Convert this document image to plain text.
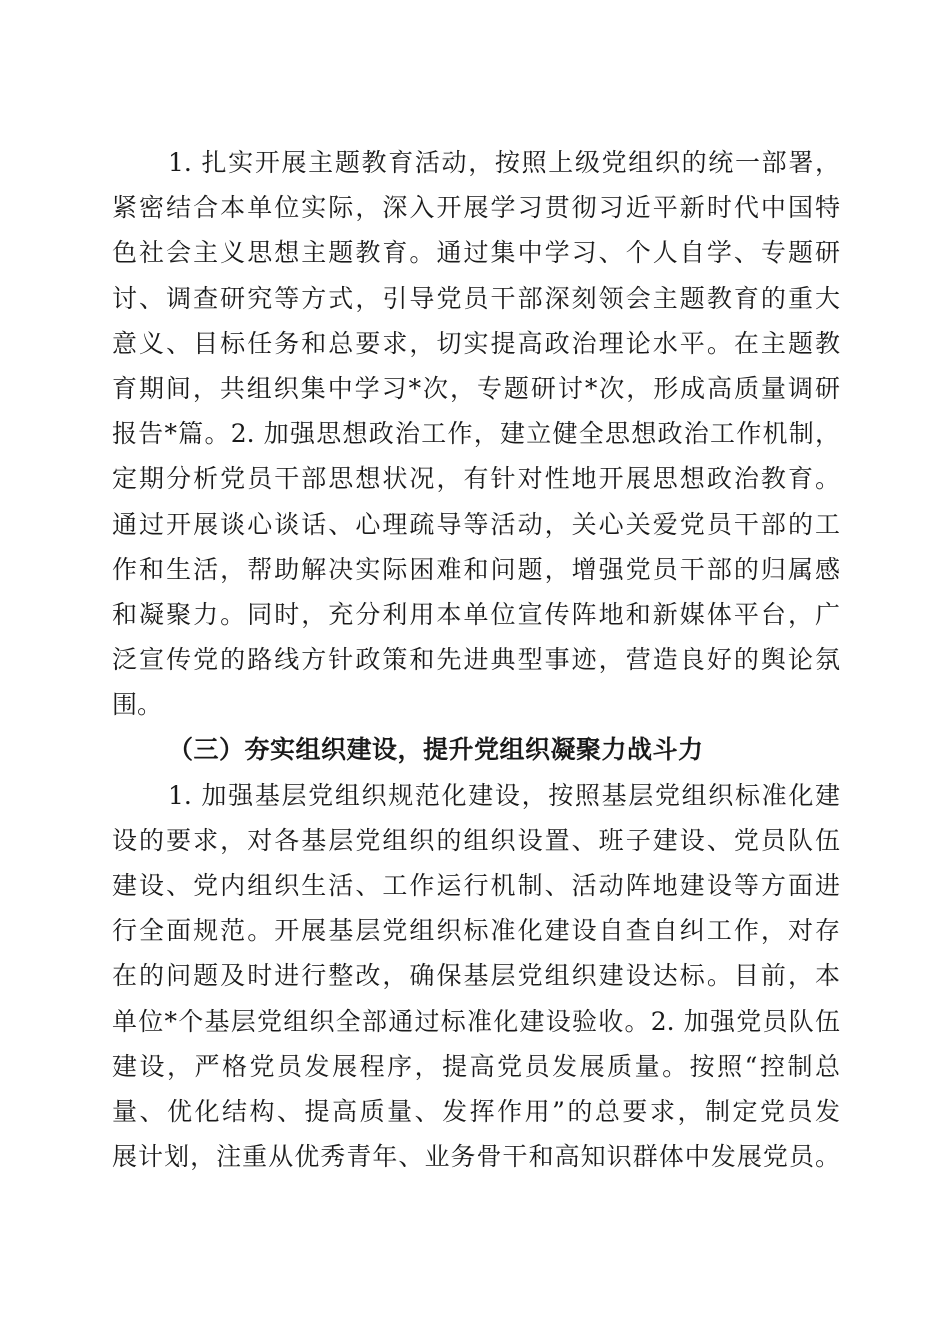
1. 扎实开展主题教育活动，按照上级党组织的统一部署，
紧密结合本单位实际，深入开展学习贯彻习近平新时代中国特
色社会主义思想主题教育。通过集中学习、个人自学、专题研
讨、调查研究等方式，引导党员干部深刻领会主题教育的重大
意义、目标任务和总要求，切实提高政治理论水平。在主题教
育期间，共组织集中学习*次，专题研讨*次，形成高质量调研
报告*篇。2. 加强思想政治工作，建立健全思想政治工作机制，
定期分析党员干部思想状况，有针对性地开展思想政治教育。
通过开展谈心谈话、心理疏导等活动，关心关爱党员干部的工
作和生活，帮助解决实际困难和问题，增强党员干部的归属感
和凝聚力。同时，充分利用本单位宣传阵地和新媒体平台，广
泛宣传党的路线方针政策和先进典型事迹，营造良好的舆论氛
围。
（三）夯实组织建设，提升党组织凝聚力战斗力
1. 加强基层党组织规范化建设，按照基层党组织标准化建
设的要求，对各基层党组织的组织设置、班子建设、党员队伍
建设、党内组织生活、工作运行机制、活动阵地建设等方面进
行全面规范。开展基层党组织标准化建设自查自纠工作，对存
在的问题及时进行整改，确保基层党组织建设达标。目前，本
单位*个基层党组织全部通过标准化建设验收。2. 加强党员队伍
建设，严格党员发展程序，提高党员发展质量。按照“控制总
量、优化结构、提高质量、发挥作用”的总要求，制定党员发
展计划，注重从优秀青年、业务骨干和高知识群体中发展党员。
